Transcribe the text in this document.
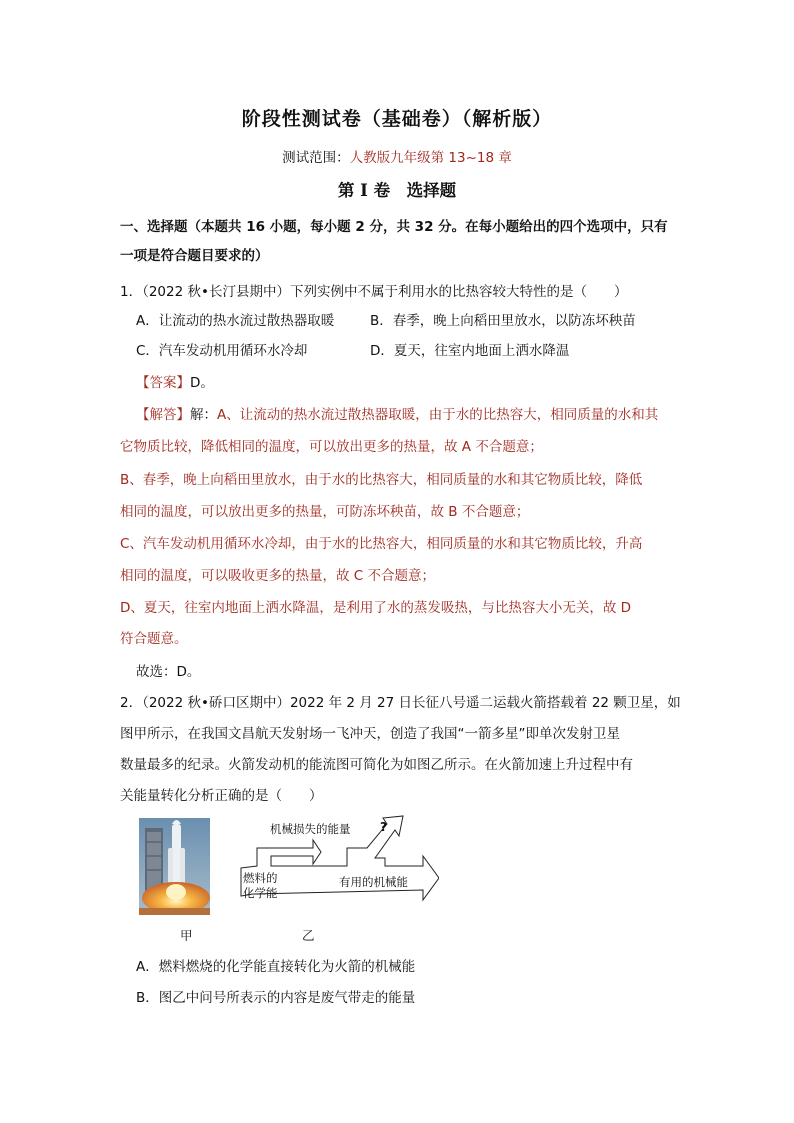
阶段性测试卷（基础卷）（解析版）
测试范围：人教版九年级第 13~18 章
第 I 卷　选择题
一、选择题（本题共 16 小题，每小题 2 分，共 32 分。在每小题给出的四个选项中，只有
一项是符合题目要求的）
1．（2022 秋•长汀县期中）下列实例中不属于利用水的比热容较大特性的是（　　）
A．让流动的热水流过散热器取暖	B．春季，晚上向稻田里放水，以防冻坏秧苗
C．汽车发动机用循环水冷却	D．夏天，往室内地面上洒水降温
【答案】D。
【解答】解：A、让流动的热水流过散热器取暖，由于水的比热容大，相同质量的水和其
它物质比较，降低相同的温度，可以放出更多的热量，故 A 不合题意；
B、春季，晚上向稻田里放水，由于水的比热容大，相同质量的水和其它物质比较，降低
相同的温度，可以放出更多的热量，可防冻坏秧苗，故 B 不合题意；
C、汽车发动机用循环水冷却，由于水的比热容大，相同质量的水和其它物质比较，升高
相同的温度，可以吸收更多的热量，故 C 不合题意；
D、夏天，往室内地面上洒水降温，是利用了水的蒸发吸热，与比热容大小无关，故 D
符合题意。
故选：D。
2．（2022 秋•硚口区期中）2022 年 2 月 27 日长征八号遥二运载火箭搭载着 22 颗卫星，如
图甲所示，在我国文昌航天发射场一飞冲天，创造了我国“一箭多星”即单次发射卫星
数量最多的纪录。火箭发动机的能流图可简化为如图乙所示。在火箭加速上升过程中有
关能量转化分析正确的是（　　）
甲
机械损失的能量 ?
燃料的
化学能
有用的机械能
乙
A．燃料燃烧的化学能直接转化为火箭的机械能
B．图乙中问号所表示的内容是废气带走的能量
